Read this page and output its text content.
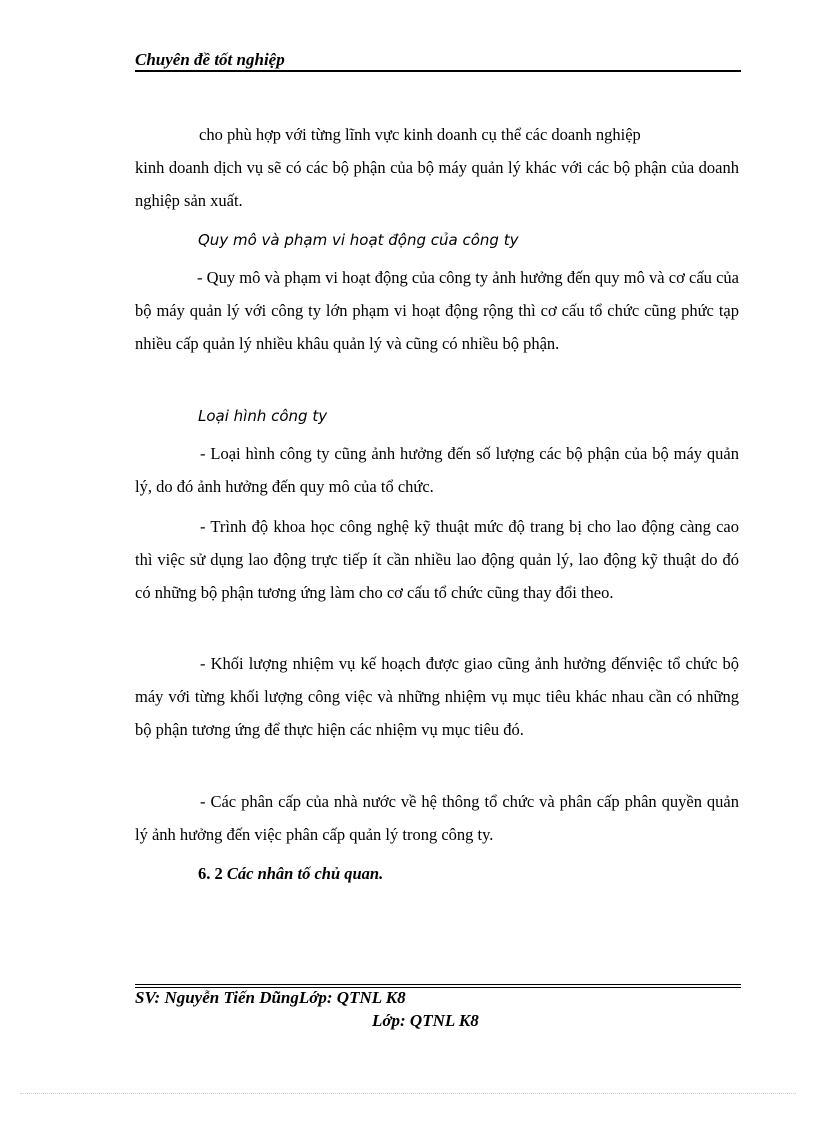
Chuyên đề tốt nghiệp
cho phù hợp với từng lĩnh vực kinh doanh cụ thể các doanh nghiệp
kinh doanh dịch vụ sẽ có các bộ phận của bộ máy quản lý khác với các bộ phận của doanh nghiệp sản xuất.
Quy mô và phạm vi hoạt động của công ty
- Quy mô và phạm vi hoạt động của công ty ảnh hưởng đến quy mô và cơ cấu của bộ máy quản lý với công ty lớn phạm vi hoạt động rộng thì cơ cấu tổ chức cũng phức tạp nhiều cấp quản lý nhiều khâu quản lý và cũng có nhiều bộ phận.
Loại hình công ty
- Loại hình công ty cũng ảnh hưởng đến số lượng các bộ phận của bộ máy quản lý, do đó ảnh hưởng đến quy mô của tổ chức.
- Trình độ khoa học công nghệ kỹ thuật mức độ trang bị cho lao động càng cao thì việc sử dụng lao động trực tiếp ít cần nhiều lao động quản lý, lao động kỹ thuật do đó có những bộ phận tương ứng làm cho cơ cấu tổ chức cũng thay đổi theo.
- Khối lượng nhiệm vụ kế hoạch được giao cũng ảnh hưởng đếnviệc tổ chức bộ máy với từng khối lượng công việc và những nhiệm vụ mục tiêu khác nhau cần có những bộ phận tương ứng để thực hiện các nhiệm vụ mục tiêu đó.
- Các phân cấp của nhà nước về hệ thông tổ chức và phân cấp phân quyền quản lý ảnh hưởng đến việc phân cấp quản lý trong công ty.
6. 2 Các nhân tố chủ quan.
SV: Nguyễn Tiến DũngLớp: QTNL K8
Lớp: QTNL K8
